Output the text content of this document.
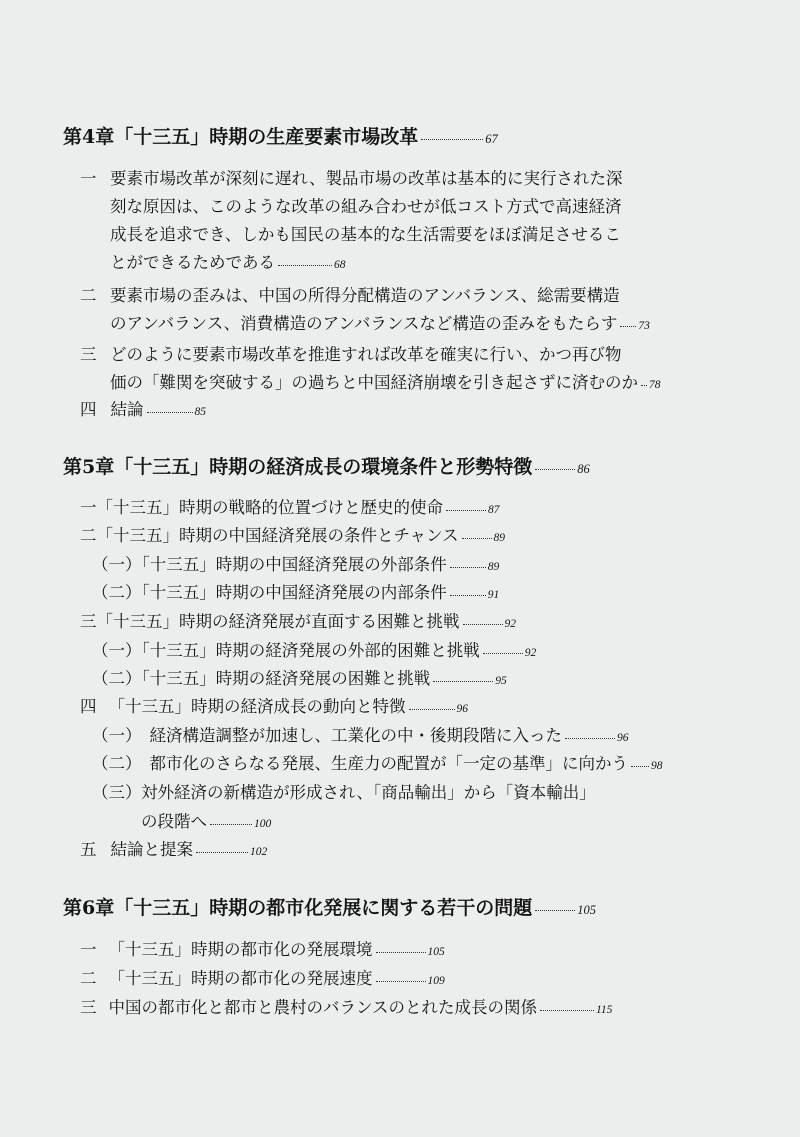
第4章「十三五」時期の生産要素市場改革	67
一 要素市場改革が深刻に遅れ、製品市場の改革は基本的に実行された深
刻な原因は、このような改革の組み合わせが低コスト方式で高速経済
成長を追求でき、しかも国民の基本的な生活需要をほぼ満足させるこ
とができるためである	68
二 要素市場の歪みは、中国の所得分配構造のアンバランス、総需要構造
のアンバランス、消費構造のアンバランスなど構造の歪みをもたらす 73
三 どのように要素市場改革を推進すれば改革を確実に行い、かつ再び物
価の「難関を突破する」の過ちと中国経済崩壊を引き起さずに済むのか 78
四 結論	85
第5章「十三五」時期の経済成長の環境条件と形勢特徴	86
一「十三五」時期の戦略的位置づけと歴史的使命	87
二「十三五」時期の中国経済発展の条件とチャンス	89
（一）「十三五」時期の中国経済発展の外部条件	89
（二）「十三五」時期の中国経済発展の内部条件	91
三「十三五」時期の経済発展が直面する困難と挑戦	92
（一）「十三五」時期の経済発展の外部的困難と挑戦	92
（二）「十三五」時期の経済発展の困難と挑戦	95
四 「十三五」時期の経済成長の動向と特徴	96
（一） 経済構造調整が加速し、工業化の中・後期段階に入った	96
（二） 都市化のさらなる発展、生産力の配置が「一定の基準」に向かう 98
（三） 対外経済の新構造が形成され、「商品輸出」から「資本輸出」
の段階へ	100
五 結論と提案	102
第6章「十三五」時期の都市化発展に関する若干の問題	105
一 「十三五」時期の都市化の発展環境	105
二 「十三五」時期の都市化の発展速度	109
三 中国の都市化と都市と農村のバランスのとれた成長の関係	115
